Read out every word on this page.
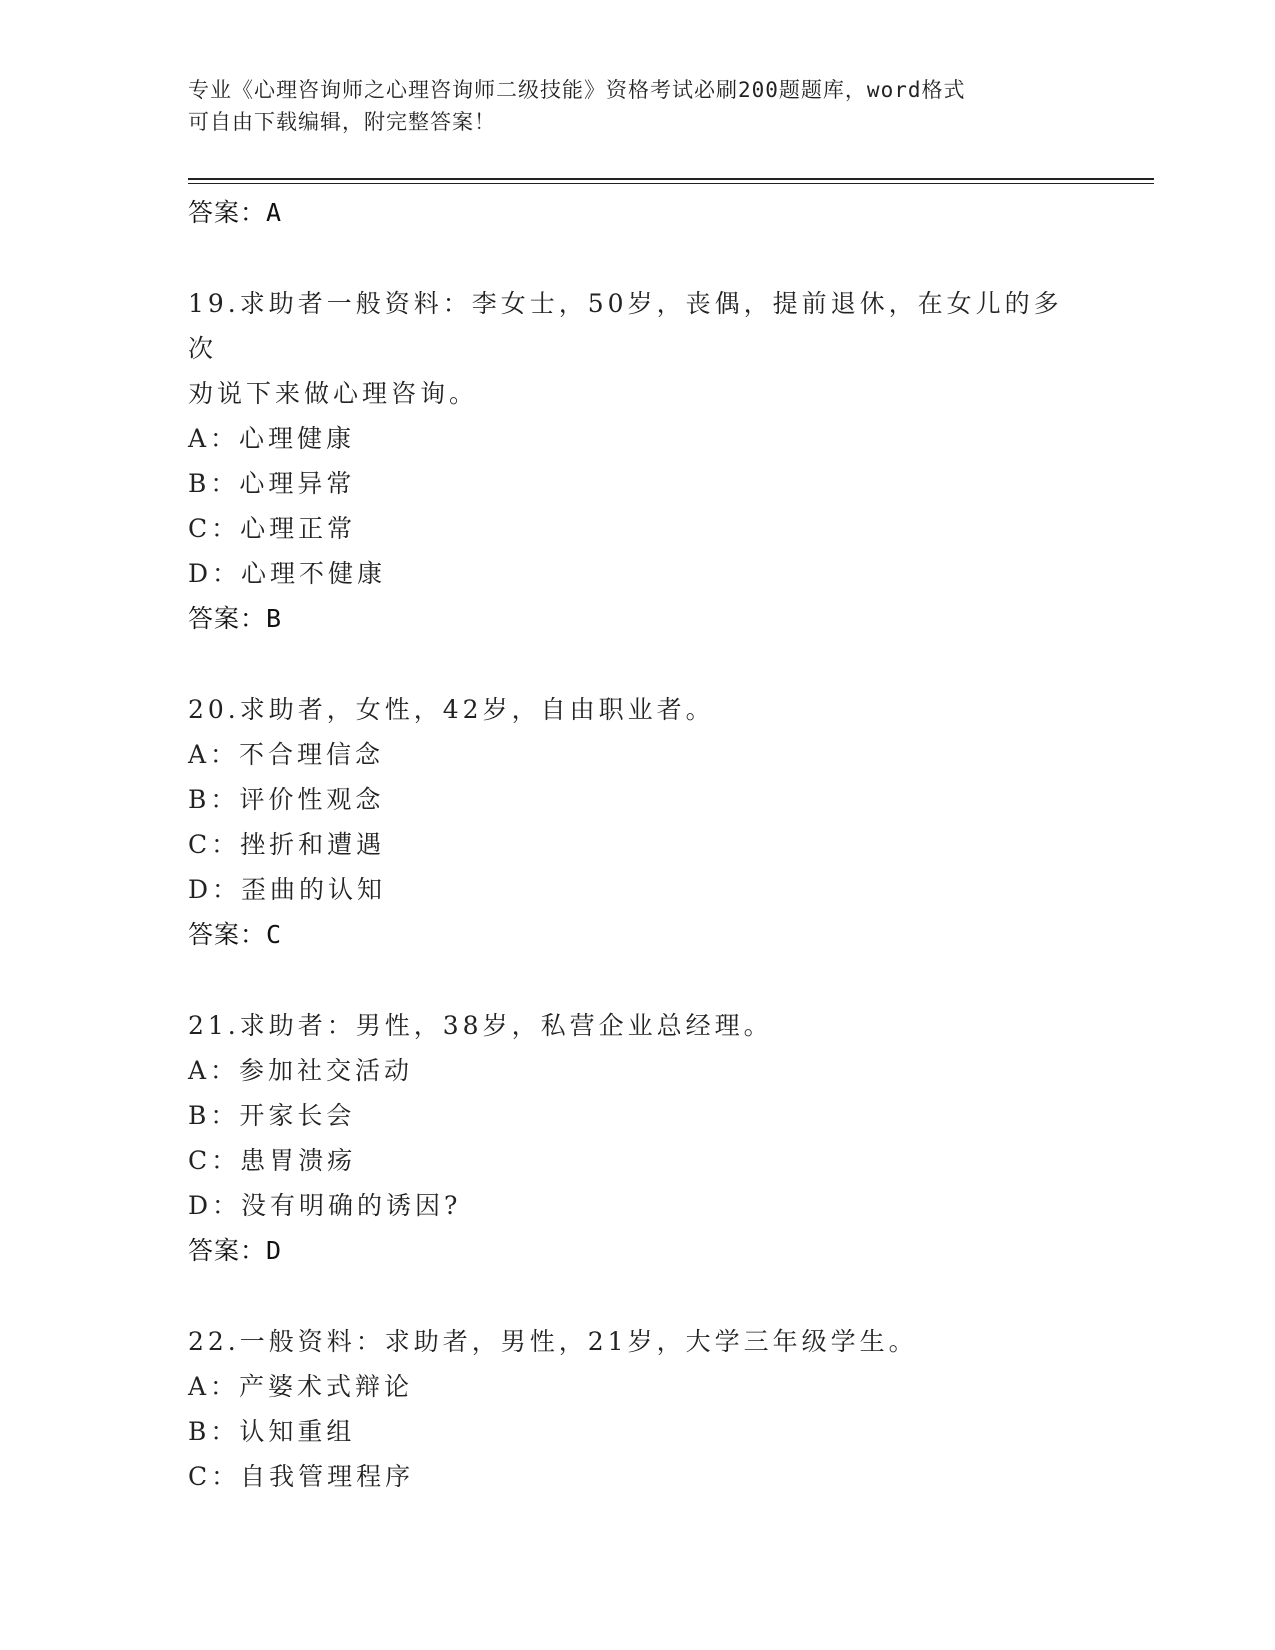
专业《心理咨询师之心理咨询师二级技能》资格考试必刷200题题库，word格式
可自由下载编辑，附完整答案！
答案：A
19.求助者一般资料：李女士，50岁，丧偶，提前退休，在女儿的多次
劝说下来做心理咨询。
A：心理健康
B：心理异常
C：心理正常
D：心理不健康
答案：B
20.求助者，女性，42岁，自由职业者。
A：不合理信念
B：评价性观念
C：挫折和遭遇
D：歪曲的认知
答案：C
21.求助者：男性，38岁，私营企业总经理。
A：参加社交活动
B：开家长会
C：患胃溃疡
D：没有明确的诱因?
答案：D
22.一般资料：求助者，男性，21岁，大学三年级学生。
A：产婆术式辩论
B：认知重组
C：自我管理程序
